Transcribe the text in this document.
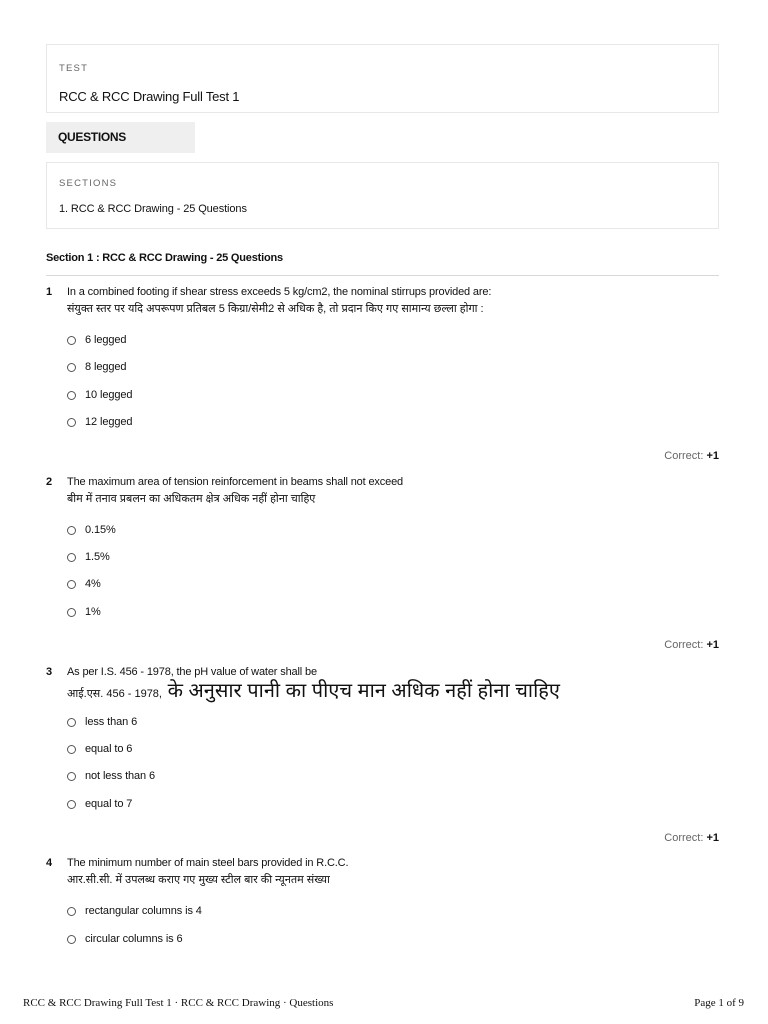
TEST
RCC & RCC Drawing Full Test 1
QUESTIONS
SECTIONS
1. RCC & RCC Drawing - 25 Questions
Section 1 : RCC & RCC Drawing - 25 Questions
1 In a combined footing if shear stress exceeds 5 kg/cm2, the nominal stirrups provided are:
संयुक्त स्तर पर यदि अपरूपण प्रतिबल 5 किग्रा/सेमी2 से अधिक है, तो प्रदान किए गए सामान्य छल्ला होगा :
6 legged
8 legged
10 legged
12 legged
Correct: +1
2 The maximum area of tension reinforcement in beams shall not exceed
बीम में तनाव प्रबलन का अधिकतम क्षेत्र अधिक नहीं होना चाहिए
0.15%
1.5%
4%
1%
Correct: +1
3 As per I.S. 456 - 1978, the pH value of water shall be
आई.एस. 456 - 1978, के अनुसार पानी का पीएच मान अधिक नहीं होना चाहिए
less than 6
equal to 6
not less than 6
equal to 7
Correct: +1
4 The minimum number of main steel bars provided in R.C.C.
आर.सी.सी. में उपलब्ध कराए गए मुख्य स्टील बार की न्यूनतम संख्या
rectangular columns is 4
circular columns is 6
RCC & RCC Drawing Full Test 1 · RCC & RCC Drawing · Questions	Page 1 of 9
